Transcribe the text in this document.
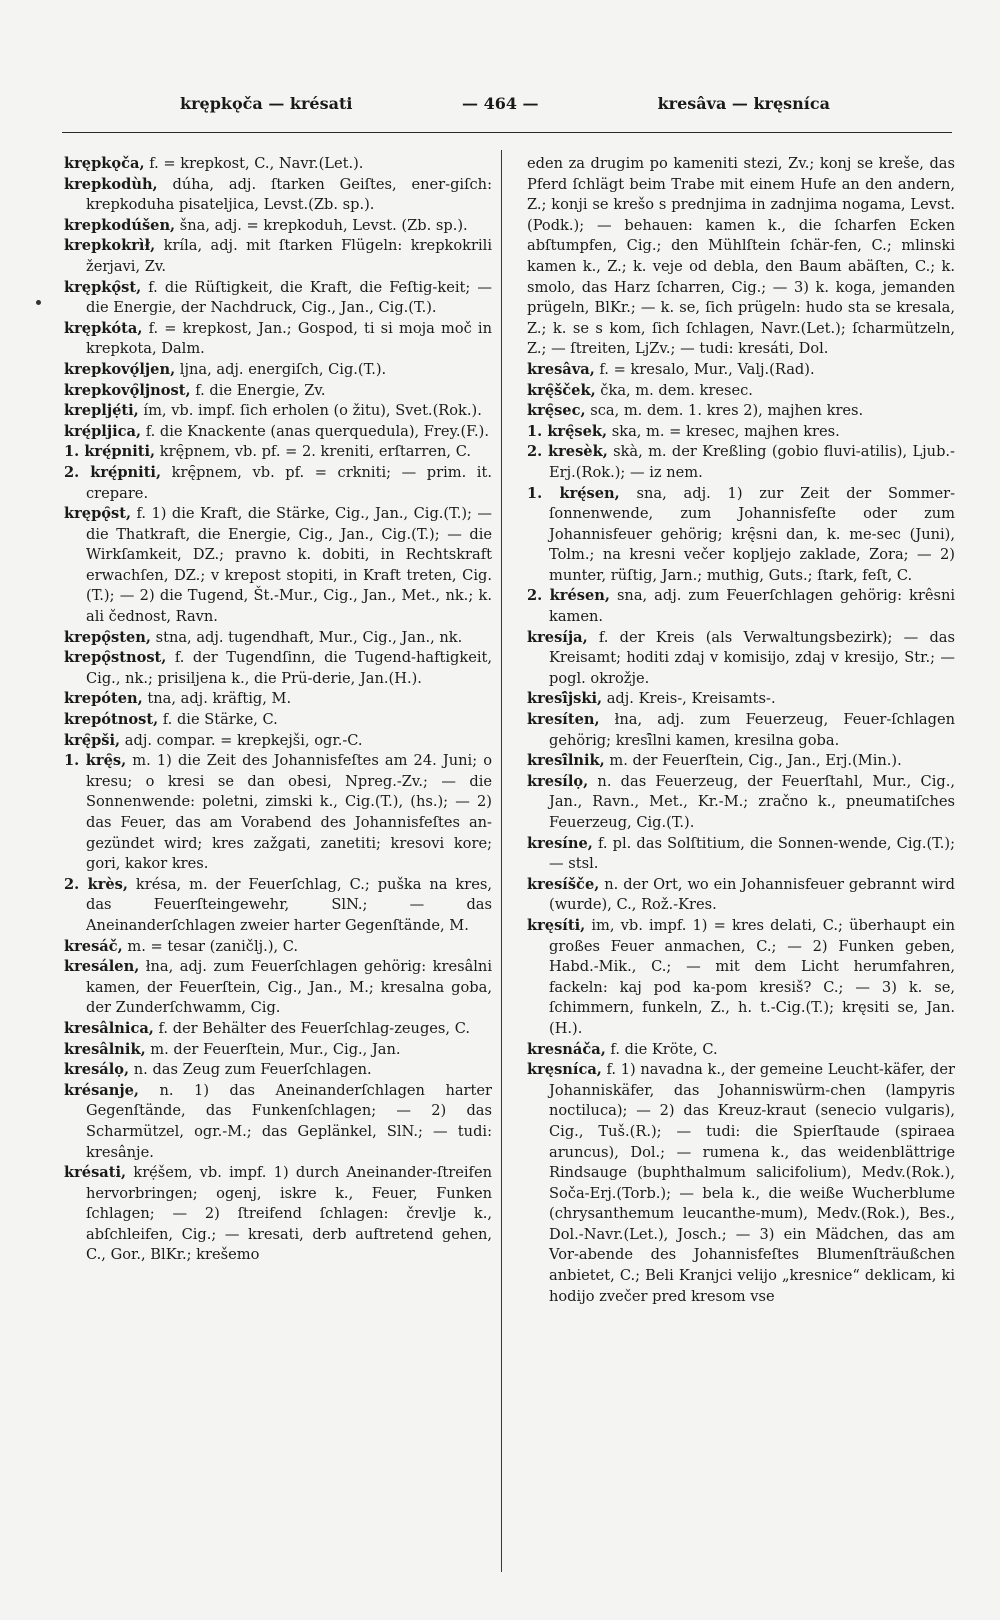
krępkǫča — krésati	— 464 —	kresâva — kręsníca
krępkǫča, f. = krepkost, C., Navr.(Let.).
krepkodùh, dúha, adj. ſtarken Geiſtes, ener-giſch: krepkoduha pisateljica, Levst.(Zb. sp.).
krepkodúšen, šna, adj. = krepkoduh, Levst. (Zb. sp.).
krepkokrìł, kríla, adj. mit ſtarken Flügeln: krepkokrili žerjavi, Zv.
krępkǫ̑st, f. die Rüſtigkeit, die Kraft, die Feſtig-keit; — die Energie, der Nachdruck, Cig., Jan., Cig.(T.).
krępkóta, f. = krepkost, Jan.; Gospod, ti si moja moč in krepkota, Dalm.
krepkovǫ́ljen, ljna, adj. energiſch, Cig.(T.).
krepkovǫ̑ljnost, f. die Energie, Zv.
krepljẹ́ti, ím, vb. impf. ſich erholen (o žitu), Svet.(Rok.).
krę́pljica, f. die Knackente (anas querquedula), Frey.(F.).
1. krę́pniti, krę̑pnem, vb. pf. = 2. kreniti, erſtarren, C.
2. krę́pniti, krę̑pnem, vb. pf. = crkniti; — prim. it. crepare.
krępǫ̑st, f. 1) die Kraft, die Stärke, Cig., Jan., Cig.(T.); — die Thatkraft, die Energie, Cig., Jan., Cig.(T.); — die Wirkſamkeit, DZ.; pravno k. dobiti, in Rechtskraft erwachſen, DZ.; v krepost stopiti, in Kraft treten, Cig.(T.); — 2) die Tugend, Št.-Mur., Cig., Jan., Met., nk.; k. ali čednost, Ravn.
krepǫ̑sten, stna, adj. tugendhaft, Mur., Cig., Jan., nk.
krepǫ̑stnost, f. der Tugendſinn, die Tugend-haftigkeit, Cig., nk.; prisiljena k., die Prü-derie, Jan.(H.).
krepóten, tna, adj. kräftig, M.
krepótnost, f. die Stärke, C.
krę̑pši, adj. compar. = krepkejši, ogr.-C.
1. krę̑s, m. 1) die Zeit des Johannisfeſtes am 24. Juni; o kresu; o kresi se dan obesi, Npreg.-Zv.; — die Sonnenwende: poletni, zimski k., Cig.(T.), (hs.); — 2) das Feuer, das am Vorabend des Johannisfeſtes an-gezündet wird; kres zažgati, zanetiti; kresovi kore; gori, kakor kres.
2. krès, krésa, m. der Feuerſchlag, C.; puška na kres, das Feuerſteingewehr, SlN.; — das Aneinanderſchlagen zweier harter Gegenſtände, M.
kresáč, m. = tesar (zaničlj.), C.
kresálen, łna, adj. zum Feuerſchlagen gehörig: kresâlni kamen, der Feuerſtein, Cig., Jan., M.; kresalna goba, der Zunderſchwamm, Cig.
kresâlnica, f. der Behälter des Feuerſchlag-zeuges, C.
kresâlnik, m. der Feuerſtein, Mur., Cig., Jan.
kresálọ, n. das Zeug zum Feuerſchlagen.
krésanje, n. 1) das Aneinanderſchlagen harter Gegenſtände, das Funkenſchlagen; — 2) das Scharmützel, ogr.-M.; das Geplänkel, SlN.; — tudi: kresânje.
krésati, krẹ́šem, vb. impf. 1) durch Aneinander-ſtreifen hervorbringen; ogenj, iskre k., Feuer, Funken ſchlagen; — 2) ſtreifend ſchlagen: črevlje k., abſchleifen, Cig.; — kresati, derb auftretend gehen, C., Gor., BlKr.; krešemo
eden za drugim po kameniti stezi, Zv.; konj se kreše, das Pferd ſchlägt beim Trabe mit einem Hufe an den andern, Z.; konji se krešo s prednjima in zadnjima nogama, Levst.(Podk.); — behauen: kamen k., die ſcharfen Ecken abſtumpfen, Cig.; den Mühlſtein ſchär-fen, C.; mlinski kamen k., Z.; k. veje od debla, den Baum abäſten, C.; k. smolo, das Harz ſcharren, Cig.; — 3) k. koga, jemanden prügeln, BlKr.; — k. se, ſich prügeln: hudo sta se kresala, Z.; k. se s kom, ſich ſchlagen, Navr.(Let.); ſcharmützeln, Z.; — ſtreiten, LjZv.; — tudi: kresáti, Dol.
kresâva, f. = kresalo, Mur., Valj.(Rad).
krę̑šček, čka, m. dem. kresec.
krę̑sec, sca, m. dem. 1. kres 2), majhen kres.
1. krę̑sek, ska, m. = kresec, majhen kres.
2. kresèk, skà, m. der Kreßling (gobio fluvi-atilis), Ljub.-Erj.(Rok.); — iz nem.
1. krę́sen, sna, adj. 1) zur Zeit der Sommer-ſonnenwende, zum Johannisfeſte oder zum Johannisfeuer gehörig; krę̑sni dan, k. me-sec (Juni), Tolm.; na kresni večer kopljejo zaklade, Zora; — 2) munter, rüſtig, Jarn.; muthig, Guts.; ſtark, feſt, C.
2. krésen, sna, adj. zum Feuerſchlagen gehörig: krêsni kamen.
kresíja, f. der Kreis (als Verwaltungsbezirk); — das Kreisamt; hoditi zdaj v komisijo, zdaj v kresijo, Str.; — pogl. okrožje.
kresî̑jski, adj. Kreis-, Kreisamts-.
kresíten, łna, adj. zum Feuerzeug, Feuer-ſchlagen gehörig; kresî̑lni kamen, kresilna goba.
kresî̑lnik, m. der Feuerſtein, Cig., Jan., Erj.(Min.).
kresílọ, n. das Feuerzeug, der Feuerſtahl, Mur., Cig., Jan., Ravn., Met., Kr.-M.; zračno k., pneumatiſches Feuerzeug, Cig.(T.).
kresíne, f. pl. das Solſtitium, die Sonnen-wende, Cig.(T.); — stsl.
kresíšče, n. der Ort, wo ein Johannisfeuer gebrannt wird (wurde), C., Rož.-Kres.
kręsíti, im, vb. impf. 1) = kres delati, C.; überhaupt ein großes Feuer anmachen, C.; — 2) Funken geben, Habd.-Mik., C.; — mit dem Licht herumfahren, fackeln: kaj pod ka-pom kresiš? C.; — 3) k. se, ſchimmern, funkeln, Z., h. t.-Cig.(T.); kręsiti se, Jan.(H.).
kresnáča, f. die Kröte, C.
kręsníca, f. 1) navadna k., der gemeine Leucht-käfer, der Johanniskäfer, das Johanniswürm-chen (lampyris noctiluca); — 2) das Kreuz-kraut (senecio vulgaris), Cig., Tuš.(R.); — tudi: die Spierſtaude (spiraea aruncus), Dol.; — rumena k., das weidenblättrige Rindsauge (buphthalmum salicifolium), Medv.(Rok.), Soča-Erj.(Torb.); — bela k., die weiße Wucherblume (chrysanthemum leucanthe-mum), Medv.(Rok.), Bes., Dol.-Navr.(Let.), Josch.; — 3) ein Mädchen, das am Vor-abende des Johannisfeſtes Blumenſträußchen anbietet, C.; Beli Kranjci velijo „kresnice“ deklicam, ki hodijo zvečer pred kresom vse
